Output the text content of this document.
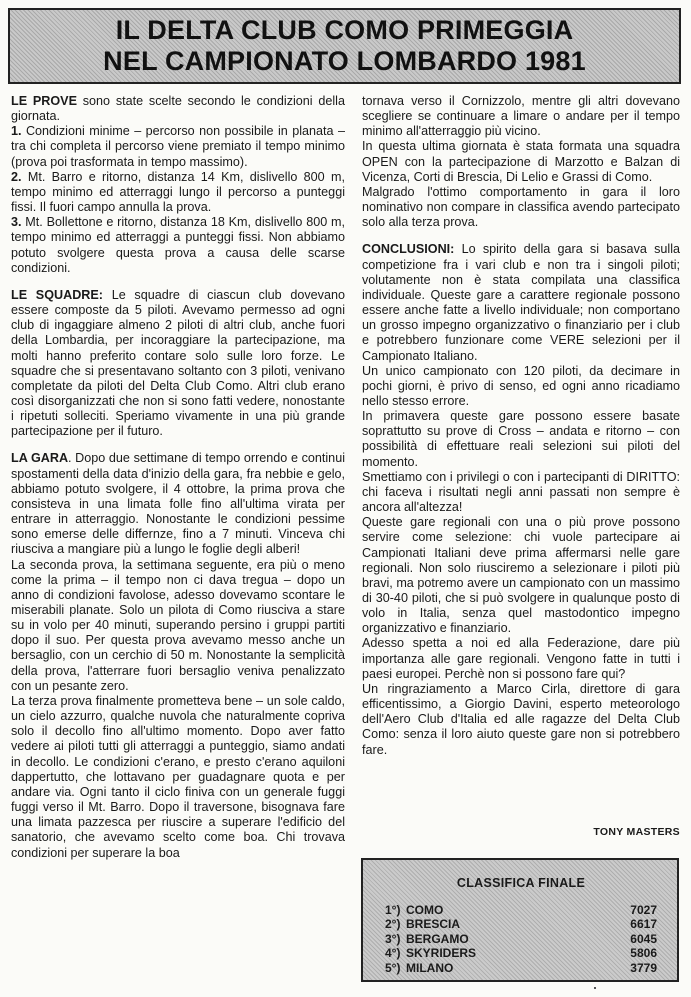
IL DELTA CLUB COMO PRIMEGGIA
NEL CAMPIONATO LOMBARDO 1981

LE PROVE sono state scelte secondo le condizioni della giornata.

1. Condizioni minime – percorso non possibile in planata – tra chi completa il percorso viene premiato il tempo minimo (prova poi trasformata in tempo massimo).

2. Mt. Barro e ritorno, distanza 14 Km, dislivello 800 m, tempo minimo ed atterraggi lungo il percorso a punteggi fissi. Il fuori campo annulla la prova.

3. Mt. Bollettone e ritorno, distanza 18 Km, dislivello 800 m, tempo minimo ed atterraggi a punteggi fissi. Non abbiamo potuto svolgere questa prova a causa delle scarse condizioni.

LE SQUADRE: Le squadre di ciascun club dovevano essere composte da 5 piloti. Avevamo permesso ad ogni club di ingaggiare almeno 2 piloti di altri club, anche fuori della Lombardia, per incoraggiare la partecipazione, ma molti hanno preferito contare solo sulle loro forze. Le squadre che si presentavano soltanto con 3 piloti, venivano completate da piloti del Delta Club Como. Altri club erano così disorganizzati che non si sono fatti vedere, nonostante i ripetuti solleciti. Speriamo vivamente in una più grande partecipazione per il futuro.

LA GARA. Dopo due settimane di tempo orrendo e continui spostamenti della data d'inizio della gara, fra nebbie e gelo, abbiamo potuto svolgere, il 4 ottobre, la prima prova che consisteva in una limata folle fino all'ultima virata per entrare in atterraggio. Nonostante le condizioni pessime sono emerse delle differnze, fino a 7 minuti. Vinceva chi riusciva a mangiare più a lungo le foglie degli alberi!

La seconda prova, la settimana seguente, era più o meno come la prima – il tempo non ci dava tregua – dopo un anno di condizioni favolose, adesso dovevamo scontare le miserabili planate. Solo un pilota di Como riusciva a stare su in volo per 40 minuti, superando persino i gruppi partiti dopo il suo. Per questa prova avevamo messo anche un bersaglio, con un cerchio di 50 m. Nonostante la semplicità della prova, l'atterrare fuori bersaglio veniva penalizzato con un pesante zero.

La terza prova finalmente prometteva bene – un sole caldo, un cielo azzurro, qualche nuvola che naturalmente copriva solo il decollo fino all'ultimo momento. Dopo aver fatto vedere ai piloti tutti gli atterraggi a punteggio, siamo andati in decollo. Le condizioni c'erano, e presto c'erano aquiloni dappertutto, che lottavano per guadagnare quota e per andare via. Ogni tanto il ciclo finiva con un generale fuggi fuggi verso il Mt. Barro. Dopo il traversone, bisognava fare una limata pazzesca per riuscire a superare l'edificio del sanatorio, che avevamo scelto come boa. Chi trovava condizioni per superare la boa

tornava verso il Cornizzolo, mentre gli altri dovevano scegliere se continuare a limare o andare per il tempo minimo all'atterraggio più vicino.

In questa ultima giornata è stata formata una squadra OPEN con la partecipazione di Marzotto e Balzan di Vicenza, Corti di Brescia, Di Lelio e Grassi di Como.

Malgrado l'ottimo comportamento in gara il loro nominativo non compare in classifica avendo partecipato solo alla terza prova.

CONCLUSIONI: Lo spirito della gara si basava sulla competizione fra i vari club e non tra i singoli piloti; volutamente non è stata compilata una classifica individuale. Queste gare a carattere regionale possono essere anche fatte a livello individuale; non comportano un grosso impegno organizzativo o finanziario per i club e potrebbero funzionare come VERE selezioni per il Campionato Italiano.

Un unico campionato con 120 piloti, da decimare in pochi giorni, è privo di senso, ed ogni anno ricadiamo nello stesso errore.

In primavera queste gare possono essere basate soprattutto su prove di Cross – andata e ritorno – con possibilità di effettuare reali selezioni sui piloti del momento.

Smettiamo con i privilegi o con i partecipanti di DIRITTO: chi faceva i risultati negli anni passati non sempre è ancora all'altezza!

Queste gare regionali con una o più prove possono servire come selezione: chi vuole partecipare ai Campionati Italiani deve prima affermarsi nelle gare regionali. Non solo riusciremo a selezionare i piloti più bravi, ma potremo avere un campionato con un massimo di 30-40 piloti, che si può svolgere in qualunque posto di volo in Italia, senza quel mastodontico impegno organizzativo e finanziario.

Adesso spetta a noi ed alla Federazione, dare più importanza alle gare regionali. Vengono fatte in tutti i paesi europei. Perchè non si possono fare qui?

Un ringraziamento a Marco Cirla, direttore di gara efficentissimo, a Giorgio Davini, esperto meteorologo dell'Aero Club d'Italia ed alle ragazze del Delta Club Como: senza il loro aiuto queste gare non si potrebbero fare.

TONY MASTERS
CLASSIFICA FINALE
1°) COMO	7027
2°) BRESCIA	6617
3°) BERGAMO	6045
4°) SKYRIDERS	5806
5°) MILANO	3779
